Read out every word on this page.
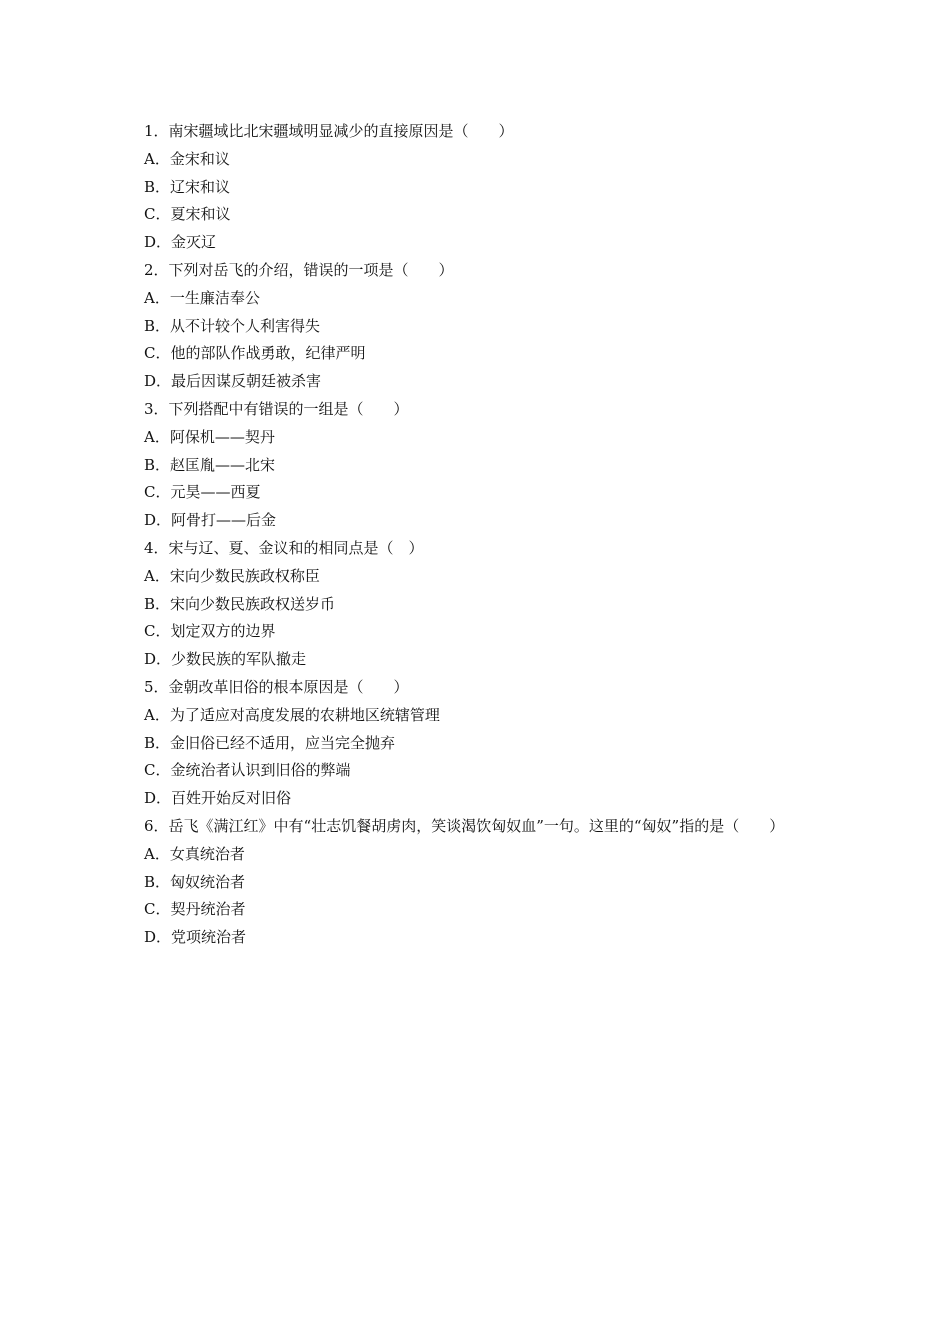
1．南宋疆域比北宋疆域明显减少的直接原因是（　　）
A．金宋和议
B．辽宋和议
C．夏宋和议
D．金灭辽
2．下列对岳飞的介绍，错误的一项是（　　）
A．一生廉洁奉公
B．从不计较个人利害得失
C．他的部队作战勇敢，纪律严明
D．最后因谋反朝廷被杀害
3．下列搭配中有错误的一组是（　　）
A．阿保机——契丹
B．赵匡胤——北宋
C．元昊——西夏
D．阿骨打——后金
4．宋与辽、夏、金议和的相同点是（　）
A．宋向少数民族政权称臣
B．宋向少数民族政权送岁币
C．划定双方的边界
D．少数民族的军队撤走
5．金朝改革旧俗的根本原因是（　　）
A．为了适应对高度发展的农耕地区统辖管理
B．金旧俗已经不适用，应当完全抛弃
C．金统治者认识到旧俗的弊端
D．百姓开始反对旧俗
6．岳飞《满江红》中有“壮志饥餐胡虏肉，笑谈渴饮匈奴血”一句。这里的“匈奴”指的是（　　）
A．女真统治者
B．匈奴统治者
C．契丹统治者
D．党项统治者
